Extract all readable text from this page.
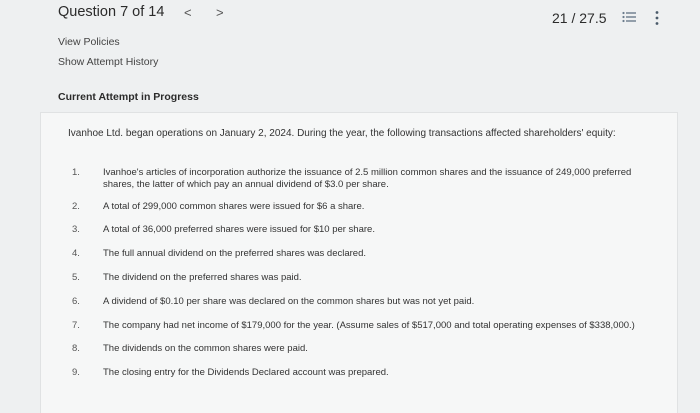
Question 7 of 14 < >	21 / 27.5
View Policies
Show Attempt History
Current Attempt in Progress
Ivanhoe Ltd. began operations on January 2, 2024. During the year, the following transactions affected shareholders' equity:
1.	Ivanhoe's articles of incorporation authorize the issuance of 2.5 million common shares and the issuance of 249,000 preferred shares, the latter of which pay an annual dividend of $3.0 per share.
2.	A total of 299,000 common shares were issued for $6 a share.
3.	A total of 36,000 preferred shares were issued for $10 per share.
4.	The full annual dividend on the preferred shares was declared.
5.	The dividend on the preferred shares was paid.
6.	A dividend of $0.10 per share was declared on the common shares but was not yet paid.
7.	The company had net income of $179,000 for the year. (Assume sales of $517,000 and total operating expenses of $338,000.)
8.	The dividends on the common shares were paid.
9.	The closing entry for the Dividends Declared account was prepared.
